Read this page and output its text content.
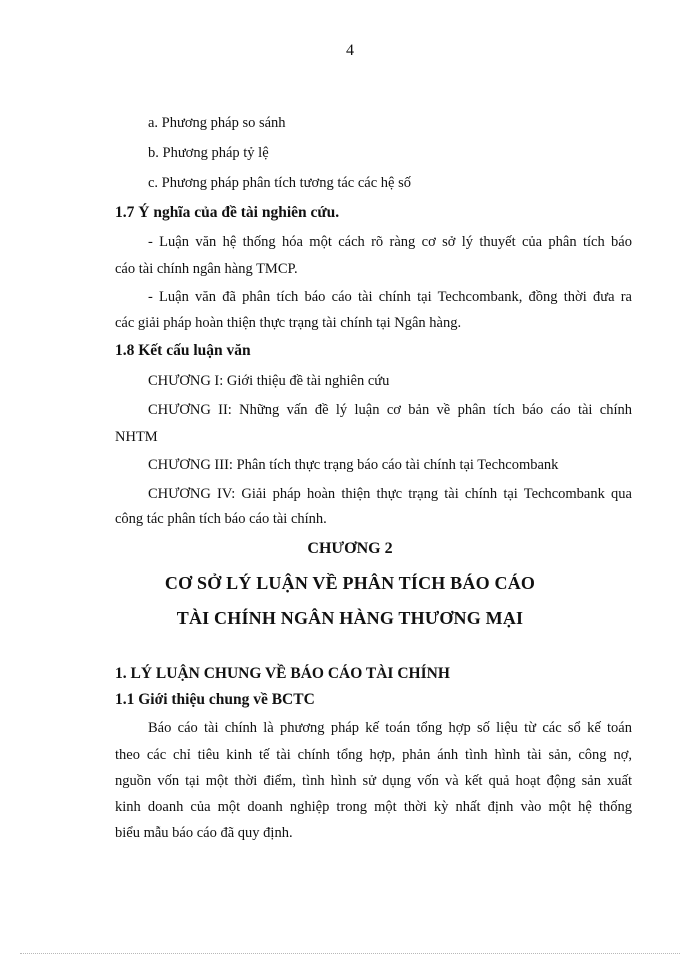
4
a. Phương pháp so sánh
b. Phương pháp tỷ lệ
c. Phương pháp phân tích tương tác các hệ số
1.7 Ý nghĩa của đề tài nghiên cứu.
- Luận văn hệ thống hóa một cách rõ ràng cơ sở lý thuyết của phân tích báo
cáo tài chính ngân hàng TMCP.
- Luận văn đã phân tích báo cáo tài chính tại Techcombank, đồng thời đưa ra
các giải pháp hoàn thiện thực trạng tài chính tại Ngân hàng.
1.8 Kết cấu luận văn
CHƯƠNG I: Giới thiệu đề tài nghiên cứu
CHƯƠNG II: Những vấn đề lý luận cơ bản về phân tích báo cáo tài chính
NHTM
CHƯƠNG III: Phân tích thực trạng báo cáo tài chính tại Techcombank
CHƯƠNG IV: Giải pháp hoàn thiện thực trạng tài chính tại Techcombank qua
công tác phân tích báo cáo tài chính.
CHƯƠNG 2
CƠ SỞ LÝ LUẬN VỀ PHÂN TÍCH BÁO CÁO
TÀI CHÍNH NGÂN HÀNG THƯƠNG MẠI
1. LÝ LUẬN CHUNG VỀ BÁO CÁO TÀI CHÍNH
1.1 Giới thiệu chung về BCTC
Báo cáo tài chính là phương pháp kế toán tổng hợp số liệu từ các sổ kế toán
theo các chỉ tiêu kinh tế tài chính tổng hợp, phản ánh tình hình tài sản, công nợ,
nguồn vốn tại một thời điểm, tình hình sử dụng vốn và kết quả hoạt động sản xuất
kinh doanh của một doanh nghiệp trong một thời kỳ nhất định vào một hệ thống
biểu mẫu báo cáo đã quy định.
